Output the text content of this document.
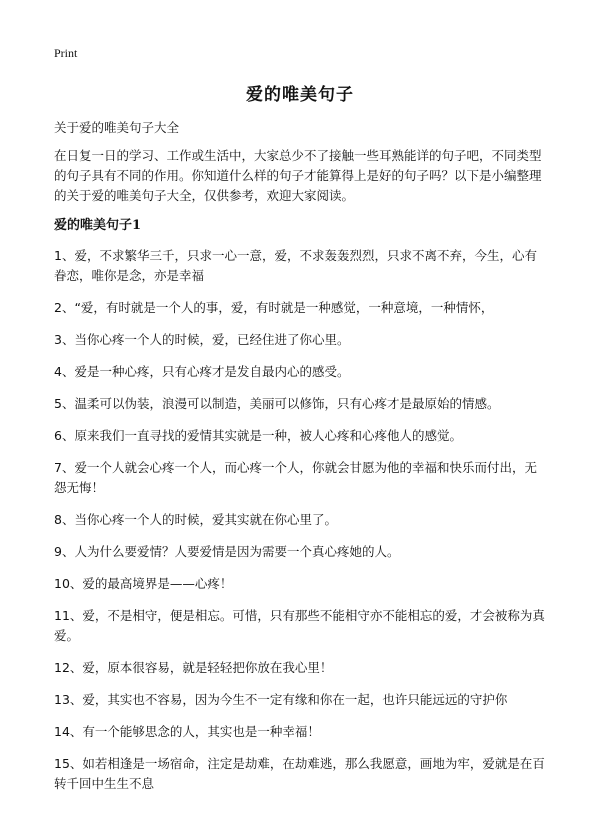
Print
爱的唯美句子

关于爱的唯美句子大全

在日复一日的学习、工作或生活中，大家总少不了接触一些耳熟能详的句子吧，不同类型的句子具有不同的作用。你知道什么样的句子才能算得上是好的句子吗？以下是小编整理的关于爱的唯美句子大全，仅供参考，欢迎大家阅读。

爱的唯美句子1

1、爱，不求繁华三千，只求一心一意，爱，不求轰轰烈烈，只求不离不弃，今生，心有眷恋，唯你是念，亦是幸福

2、“爱，有时就是一个人的事，爱，有时就是一种感觉，一种意境，一种情怀，

3、当你心疼一个人的时候，爱，已经住进了你心里。

4、爱是一种心疼，只有心疼才是发自最内心的感受。

5、温柔可以伪装，浪漫可以制造，美丽可以修饰，只有心疼才是最原始的情感。

6、原来我们一直寻找的爱情其实就是一种，被人心疼和心疼他人的感觉。

7、爱一个人就会心疼一个人，而心疼一个人，你就会甘愿为他的幸福和快乐而付出，无怨无悔！

8、当你心疼一个人的时候，爱其实就在你心里了。

9、人为什么要爱情？人要爱情是因为需要一个真心疼她的人。

10、爱的最高境界是——心疼！

11、爱，不是相守，便是相忘。可惜，只有那些不能相守亦不能相忘的爱，才会被称为真爱。

12、爱，原本很容易，就是轻轻把你放在我心里！

13、爱，其实也不容易，因为今生不一定有缘和你在一起，也许只能远远的守护你

14、有一个能够思念的人，其实也是一种幸福！

15、如若相逢是一场宿命，注定是劫难，在劫难逃，那么我愿意，画地为牢，爱就是在百转千回中生生不息
